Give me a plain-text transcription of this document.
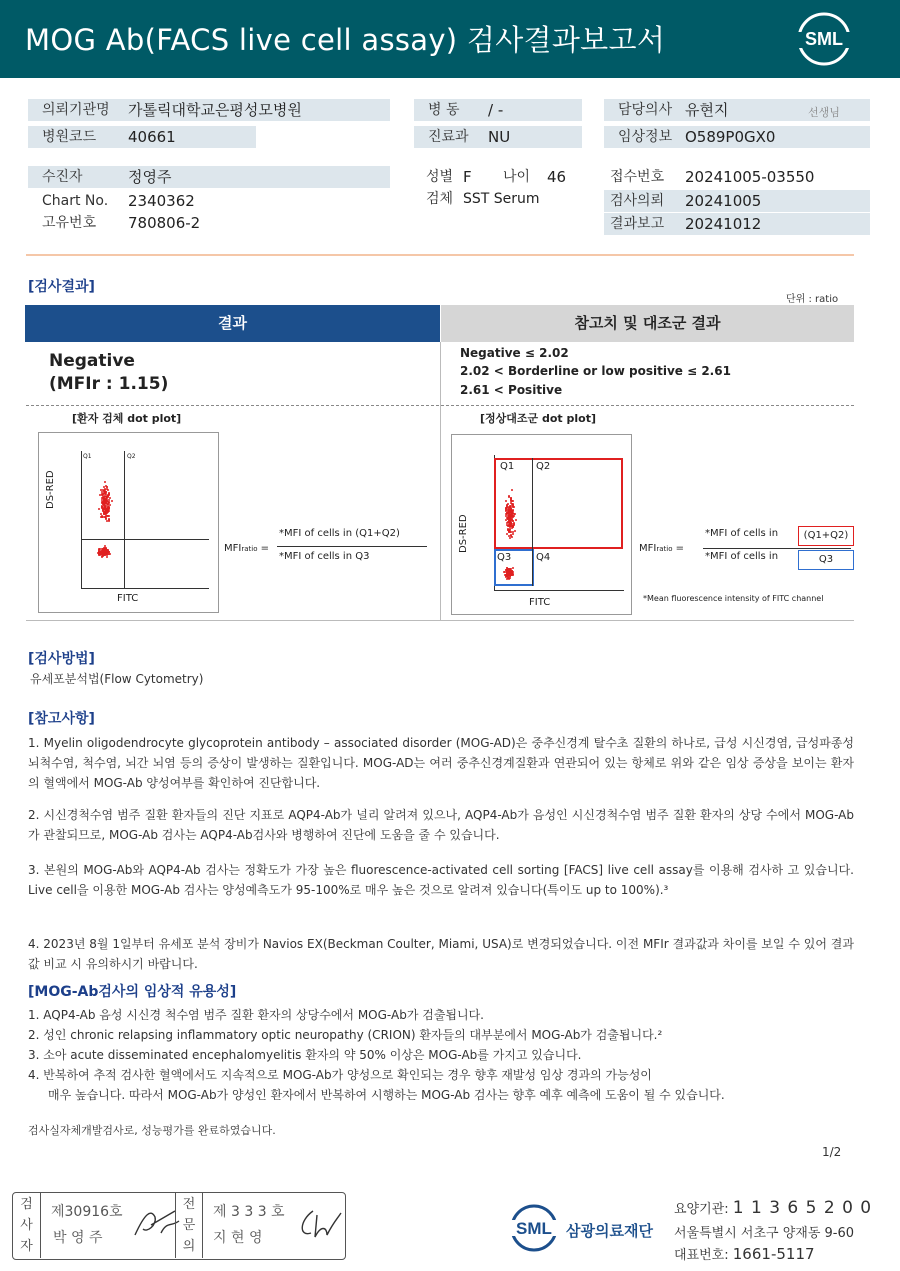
MOG Ab(FACS live cell assay) 검사결과보고서	SML
의뢰기관명	가톨릭대학교은평성모병원
병원코드	40661
병 동	/ -
진료과	NU
담당의사 유현지	선생님
임상정보 O589P0GX0
수진자	정영주
Chart No. 2340362
고유번호 780806-2
성별 F 나이 46
검체 SST Serum
접수번호 20241005-03550
검사의뢰	20241005
결과보고	20241012
[검사결과]
단위 : ratio
결과	참고치 및 대조군 결과
Negative
(MFIr : 1.15)
Negative ≤ 2.02
2.02 < Borderline or low positive ≤ 2.61
2.61 < Positive
[환자 검체 dot plot]
Q1	Q2
DS-RED
FITC
MFIratio =
*MFI of cells in (Q1+Q2)
*MFI of cells in Q3
[정상대조군 dot plot]
Q1 Q2
Q3 Q4
DS-RED
FITC
MFIratio =
*MFI of cells in	(Q1+Q2)
*MFI of cells in	Q3
*Mean fluorescence intensity of FITC channel
[검사방법]
유세포분석법(Flow Cytometry)
[참고사항]
1. Myelin oligodendrocyte glycoprotein antibody – associated disorder (MOG-AD)은 중추신경계 탈수초 질환의 하나로, 급성 시신경염, 급성파종성 뇌척수염, 척수염, 뇌간 뇌염 등의 증상이 발생하는 질환입니다. MOG-AD는 여러 중추신경계질환과 연관되어 있는 항체로 위와 같은 임상 증상을 보이는 환자의 혈액에서 MOG-Ab 양성여부를 확인하여 진단합니다.
2. 시신경척수염 범주 질환 환자들의 진단 지표로 AQP4-Ab가 널리 알려져 있으나, AQP4-Ab가 음성인 시신경척수염 범주 질환 환자의 상당 수에서 MOG-Ab가 관찰되므로, MOG-Ab 검사는 AQP4-Ab검사와 병행하여 진단에 도움을 줄 수 있습니다.
3. 본원의 MOG-Ab와 AQP4-Ab 검사는 정확도가 가장 높은 fluorescence-activated cell sorting [FACS] live cell assay를 이용해 검사하 고 있습니다. Live cell을 이용한 MOG-Ab 검사는 양성예측도가 95-100%로 매우 높은 것으로 알려져 있습니다(특이도 up to 100%).³
4. 2023년 8월 1일부터 유세포 분석 장비가 Navios EX(Beckman Coulter, Miami, USA)로 변경되었습니다. 이전 MFIr 결과값과 차이를 보일 수 있어 결과값 비교 시 유의하시기 바랍니다.
[MOG-Ab검사의 임상적 유용성]
1. AQP4-Ab 음성 시신경 척수염 범주 질환 환자의 상당수에서 MOG-Ab가 검출됩니다.
2. 성인 chronic relapsing inflammatory optic neuropathy (CRION) 환자들의 대부분에서 MOG-Ab가 검출됩니다.²
3. 소아 acute disseminated encephalomyelitis 환자의 약 50% 이상은 MOG-Ab를 가지고 있습니다.
4. 반복하여 추적 검사한 혈액에서도 지속적으로 MOG-Ab가 양성으로 확인되는 경우 향후 재발성 임상 경과의 가능성이
매우 높습니다. 따라서 MOG-Ab가 양성인 환자에서 반복하여 시행하는 MOG-Ab 검사는 향후 예후 예측에 도움이 될 수 있습니다.
검사실자체개발검사로, 성능평가를 완료하였습니다.
1/2
검사자
제30916호
박 영 주
전문의
제 3 3 3 호
지 현 영	SML 삼광의료재단
요양기관: 1 1 3 6 5 2 0 0
서울특별시 서초구 양재동 9-60
대표번호: 1661-5117
